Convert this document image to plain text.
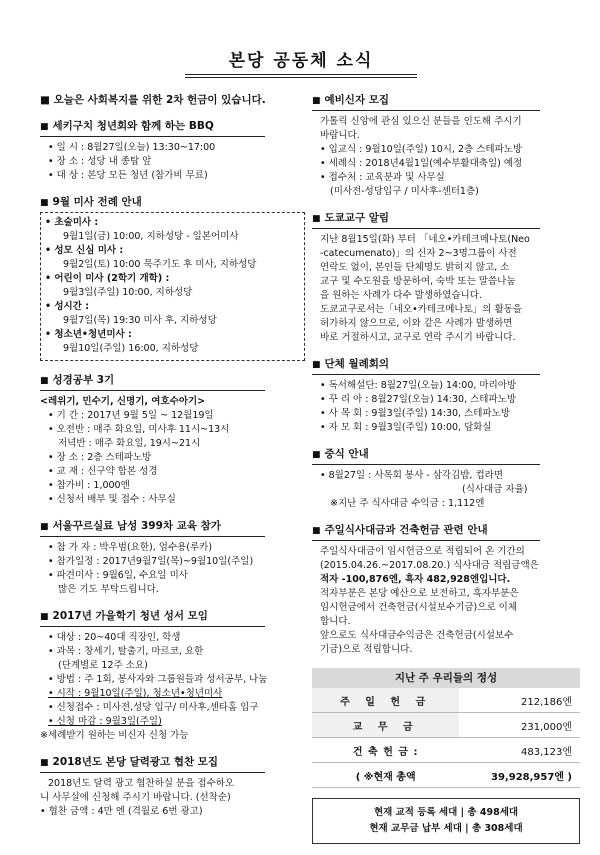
본당 공동체 소식
■ 오늘은 사회복지를 위한 2차 헌금이 있습니다.
■ 세키구치 청년회와 함께 하는 BBQ
• 일 시 : 8월27일(오늘) 13:30~17:00
• 장 소 : 성당 내 종탑 앞
• 대 상 : 본당 모든 청년 (참가비 무료)
■ 9월 미사 전례 안내
• 초술미사 :
9월1일(금) 10:00, 지하성당 - 일본어미사
• 성모 신심 미사 :
9월2일(토) 10:00 묵주기도 후 미사, 지하성당
• 어린이 미사 (2학기 개학) :
9월3일(주일) 10:00, 지하성당
• 성시간 :
9월7일(목) 19:30 미사 후, 지하성당
• 청소년•청년미사 :
9월10일(주일) 16:00, 지하성당
■ 성경공부 3기
<레위기, 민수기, 신명기, 여호수아기>
• 기 간 : 2017년 9월 5일 ~ 12월19일
• 오전반 : 매주 화요일, 미사후 11시~13시
저녁반 : 매주 화요일, 19시~21시
• 장 소 : 2층 스테파노방
• 교 재 : 신구약 합본 성경
• 참가비 : 1,000엔
• 신청서 배부 및 접수 : 사무실
■ 서울꾸르실료 남성 399차 교육 참가
• 참 가 자 : 박우범(요한), 엄수용(루카)
• 참가일정 : 2017년9월7일(목)~9월10일(주일)
• 파견미사 : 9월6일, 수요일 미사
많은 기도 부탁드립니다.
■ 2017년 가을학기 청년 성서 모임
• 대상 : 20~40대 직장인, 학생
• 과목 : 창세기, 탈출기, 마르코, 요한
(단계별로 12주 소요)
• 방법 : 주 1회, 봉사자와 그룹원들과 성서공부, 나눔
• 시작 : 9월10일(주일), 청소년•청년미사
• 신청접수 : 미사전,성당 입구/ 미사후,센타홈 입구
• 신청 마감 : 9월3일(주일)
※세례받기 원하는 비신자 신청 가능
■ 2018년도 본당 달력광고 협찬 모집
2018년도 달력 광고 협찬하실 분을 접수하오
니 사무실에 신청해 주시기 바랍니다. (선착순)
• 협찬 금액 : 4만 엔 (격월로 6번 광고)
■ 예비신자 모집
가톨릭 신앙에 관심 있으신 분들을 인도해 주시기
바랍니다.
• 입교식 : 9월10일(주일) 10시, 2층 스테파노방
• 세례식 : 2018년4월1일(예수부활대축일) 예정
• 접수처 : 교육분과 및 사무실
(미사전-성당입구 / 미사후-센터1층)
■ 도쿄교구 알림
지난 8월15일(화) 부터 「네오•카테크메나토(Neo
-catecumenato)」의 신자 2~3명그룹이 사전
연락도 없이, 본인들 단체명도 밝히지 않고, 소
교구 및 수도원을 방문하여, 숙박 또는 말씀나눔
을 원하는 사례가 다수 발생하였습니다.
도쿄교구로서는「네오•카테크메나토」의 활동을
허가하지 않으므로, 이와 같은 사례가 발생하면
바로 거절하시고, 교구로 연락 주시기 바랍니다.
■ 단체 월례회의
• 독서해설단: 8월27일(오늘) 14:00, 마리아방
• 꾸 리 아 : 8월27일(오늘) 14:30, 스테파노방
• 사 목 회 : 9월3일(주일) 14:30, 스테파노방
• 자 모 회 : 9월3일(주일) 10:00, 담화실
■ 중식 안내
• 8월27일 : 사목회 봉사 - 삼각김밥, 컵라면
(식사대금 자율)
※지난 주 식사대금 수익금 : 1,112엔
■ 주일식사대금과 건축헌금 관련 안내
주일식사대금이 임시헌금으로 적립되어 온 기간의
(2015.04.26.~2017.08.20.) 식사대금 적립금액은
적자 -100,876엔, 흑자 482,928엔입니다.
적자부분은 본당 예산으로 보전하고, 흑자부분은
임시헌금에서 건축헌금(시설보수기금)으로 이체
합니다.
앞으로도 식사대금수익금은 건축헌금(시설보수
기금)으로 적립합니다.
지난 주 우리들의 정성
주 일 헌 금	212,186엔
교 무 금	231,000엔
건 축 헌 금 :	483,123엔
( ※현재 총액	39,928,957엔 )
현재 교적 등록 세대 | 총 498세대
현재 교무금 납부 세대 | 총 308세대
